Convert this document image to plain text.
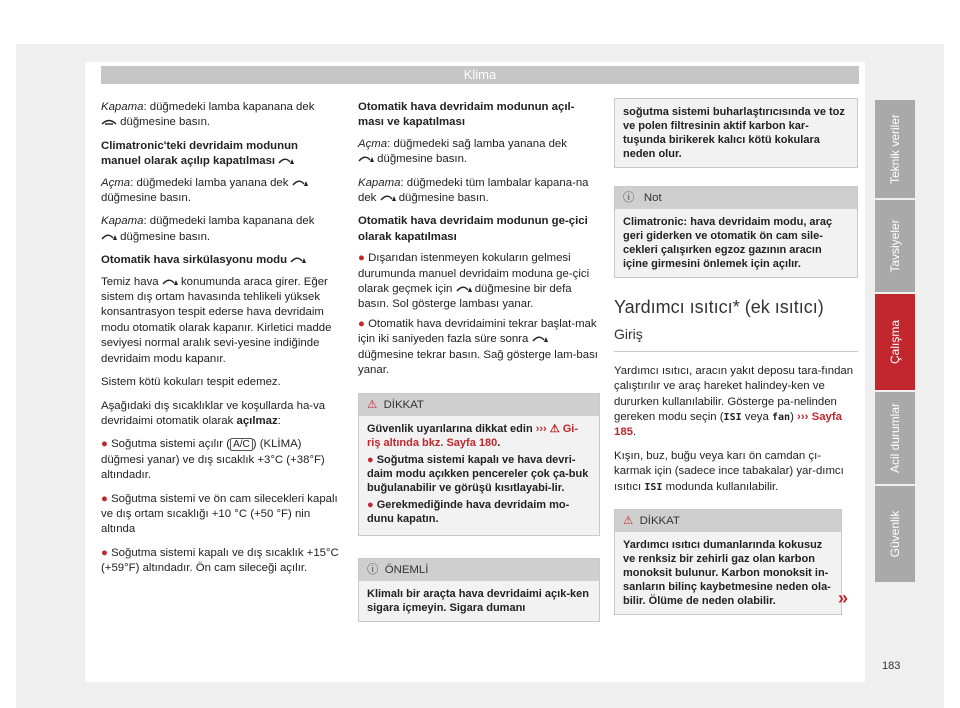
Klima

Kapama: düğmedeki lamba kapanana dek

düğmesine basın.

Climatronic'teki devridaim modunun manuel olarak açılıp kapatılması

Açma: düğmedeki lamba yanana dek

düğmesine basın.

Kapama: düğmedeki lamba kapanana dek

düğmesine basın.

Otomatik hava sirkülasyonu modu

Temiz hava konumunda araca girer. Eğer sistem dış ortam havasında tehlikeli yüksek konsantrasyon tespit ederse hava devridaim modu otomatik olarak kapanır. Kirletici madde seviyesi normal aralık sevi-yesine indiğinde devridaim modu kapanır.

Sistem kötü kokuları tespit edemez.

Aşağıdaki dış sıcaklıklar ve koşullarda ha-va devridaimi otomatik olarak açılmaz:

● Soğutma sistemi açılır ( A/C ) (KLİMA) düğmesi yanar) ve dış sıcaklık +3°C (+38°F) altındadır.

● Soğutma sistemi ve ön cam silecekleri kapalı ve dış ortam sıcaklığı +10 °C (+50 °F) nin altında

● Soğutma sistemi kapalı ve dış sıcaklık +15°C (+59°F) altındadır. Ön cam sileceği açılır.

Otomatik hava devridaim modunun açıl-ması ve kapatılması

Açma: düğmedeki sağ lamba yanana dek

düğmesine basın.

Kapama: düğmedeki tüm lambalar kapana-na dek düğmesine basın.

Otomatik hava devridaim modunun ge-çici olarak kapatılması

● Dışarıdan istenmeyen kokuların gelmesi durumunda manuel devridaim moduna ge-çici olarak geçmek için düğmesine bir defa basın. Sol gösterge lambası yanar.

● Otomatik hava devridaimini tekrar başlat-mak için iki saniyeden fazla süre sonra
düğmesine tekrar basın. Sağ gösterge lam-bası yanar.

⚠ DİKKAT

Güvenlik uyarılarına dikkat edin ››› ⚠ Gi-riş altında bkz. Sayfa 180.

● Soğutma sistemi kapalı ve hava devri-daim modu açıkken pencereler çok ça-buk buğulanabilir ve görüşü kısıtlayabi-lir.

● Gerekmediğinde hava devridaim mo-dunu kapatın.

ⓘ ÖNEMLİ
Klimalı bir araçta hava devridaimi açık-ken sigara içmeyin. Sigara dumanı
soğutma sistemi buharlaştırıcısında ve toz ve polen filtresinin aktif karbon kar-tuşunda birikerek kalıcı kötü kokulara neden olur.
ⓘ Not
Climatronic: hava devridaim modu, araç geri giderken ve otomatik ön cam sile-cekleri çalışırken egzoz gazının aracın içine girmesini önlemek için açılır.
Yardımcı ısıtıcı* (ek ısıtıcı)
Giriş

Yardımcı ısıtıcı, aracın yakıt deposu tara-fından çalıştırılır ve araç hareket halindey-ken ve dururken kullanılabilir. Gösterge pa-nelinden gereken modu seçin (ISI veya fan) ››› Sayfa 185.

Kışın, buz, buğu veya karı ön camdan çı-karmak için (sadece ince tabakalar) yar-dımcı ısıtıcı ISI modunda kullanılabilir.

⚠ DİKKAT
Yardımcı ısıtıcı dumanlarında kokusuz ve renksiz bir zehirli gaz olan karbon monoksit bulunur. Karbon monoksit in-sanların bilinç kaybetmesine neden ola-bilir. Ölüme de neden olabilir.	»
Teknik veriler
Tavsiyeler
Çalışma
Acil durumlar
Güvenlik
183
